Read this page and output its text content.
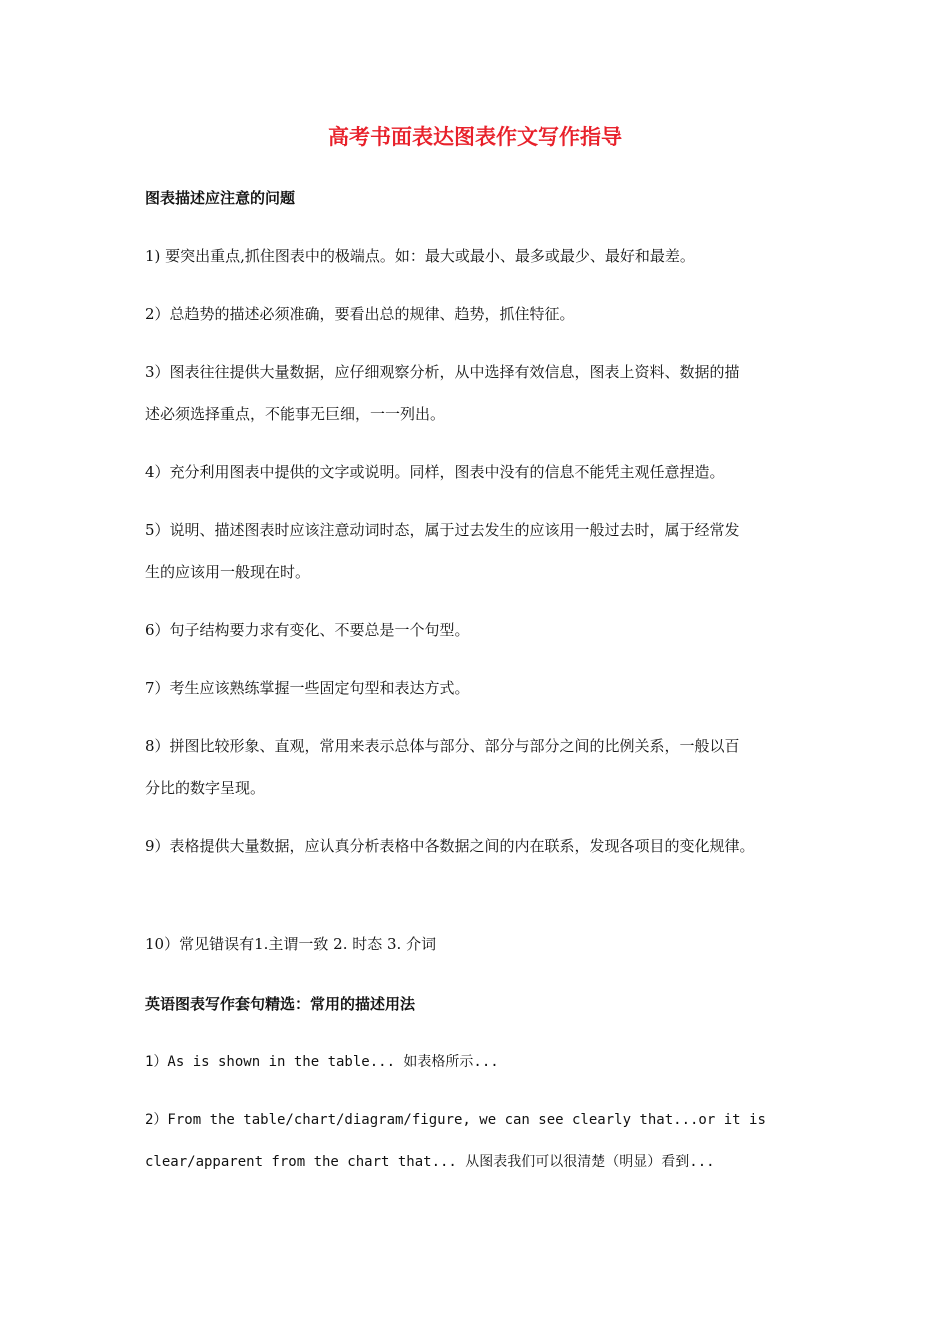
高考书面表达图表作文写作指导
图表描述应注意的问题
1) 要突出重点,抓住图表中的极端点。如：最大或最小、最多或最少、最好和最差。
2）总趋势的描述必须准确，要看出总的规律、趋势，抓住特征。
3）图表往往提供大量数据，应仔细观察分析，从中选择有效信息，图表上资料、数据的描
述必须选择重点，不能事无巨细，一一列出。
4）充分利用图表中提供的文字或说明。同样，图表中没有的信息不能凭主观任意捏造。
5）说明、描述图表时应该注意动词时态，属于过去发生的应该用一般过去时，属于经常发
生的应该用一般现在时。
6）句子结构要力求有变化、不要总是一个句型。
7）考生应该熟练掌握一些固定句型和表达方式。
8）拼图比较形象、直观，常用来表示总体与部分、部分与部分之间的比例关系，一般以百
分比的数字呈现。
9）表格提供大量数据，应认真分析表格中各数据之间的内在联系，发现各项目的变化规律。
10）常见错误有1.主谓一致 2. 时态 3. 介词
英语图表写作套句精选：常用的描述用法
1）As is shown in the table... 如表格所示...
2）From the table/chart/diagram/figure, we can see clearly that...or it is
clear/apparent from the chart that... 从图表我们可以很清楚（明显）看到...
